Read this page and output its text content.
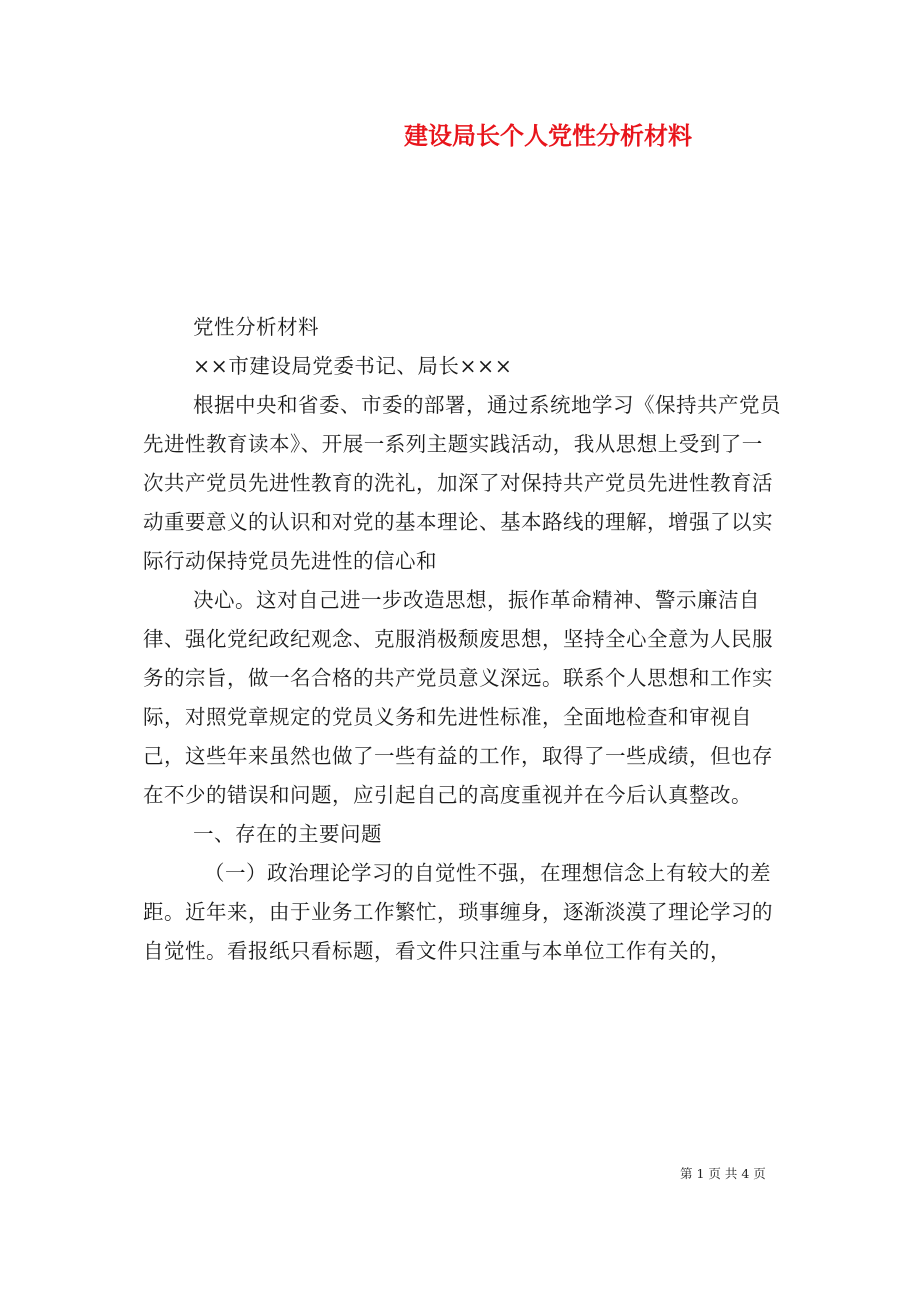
建设局长个人党性分析材料

党性分析材料

××市建设局党委书记、局长×××

根据中央和省委、市委的部署，通过系统地学习《保持共产党员先进性教育读本》、开展一系列主题实践活动，我从思想上受到了一次共产党员先进性教育的洗礼，加深了对保持共产党员先进性教育活动重要意义的认识和对党的基本理论、基本路线的理解，增强了以实际行动保持党员先进性的信心和

决心。这对自己进一步改造思想，振作革命精神、警示廉洁自律、强化党纪政纪观念、克服消极颓废思想，坚持全心全意为人民服务的宗旨，做一名合格的共产党员意义深远。联系个人思想和工作实际，对照党章规定的党员义务和先进性标准，全面地检查和审视自己，这些年来虽然也做了一些有益的工作，取得了一些成绩，但也存在不少的错误和问题，应引起自己的高度重视并在今后认真整改。

一、存在的主要问题

（一）政治理论学习的自觉性不强，在理想信念上有较大的差距。近年来，由于业务工作繁忙，琐事缠身，逐渐淡漠了理论学习的自觉性。看报纸只看标题，看文件只注重与本单位工作有关的，

第 1 页 共 4 页
